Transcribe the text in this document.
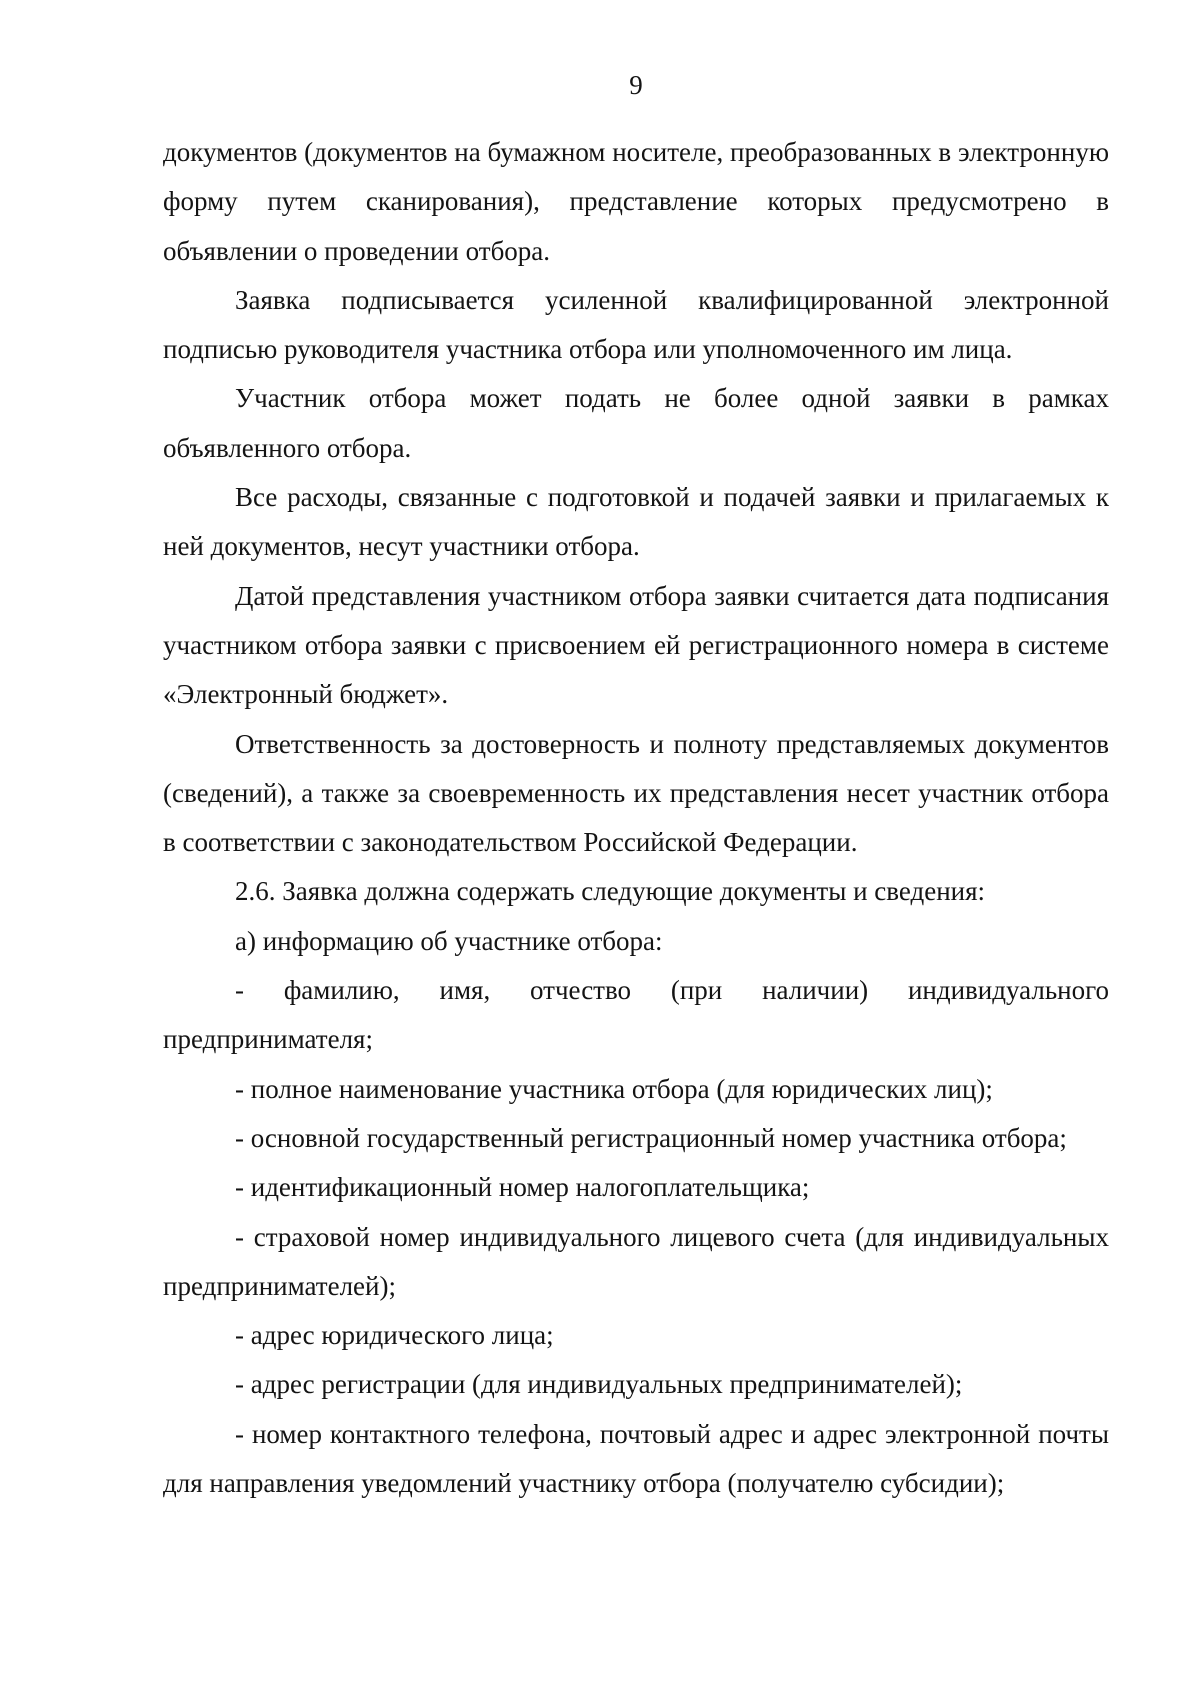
9

документов (документов на бумажном носителе, преобразованных в электронную форму путем сканирования), представление которых предусмотрено в объявлении о проведении отбора.

Заявка подписывается усиленной квалифицированной электронной подписью руководителя участника отбора или уполномоченного им лица.

Участник отбора может подать не более одной заявки в рамках объявленного отбора.

Все расходы, связанные с подготовкой и подачей заявки и прилагаемых к ней документов, несут участники отбора.

Датой представления участником отбора заявки считается дата подписания участником отбора заявки с присвоением ей регистрационного номера в системе «Электронный бюджет».

Ответственность за достоверность и полноту представляемых документов (сведений), а также за своевременность их представления несет участник отбора в соответствии с законодательством Российской Федерации.

2.6. Заявка должна содержать следующие документы и сведения:

а) информацию об участнике отбора:

- фамилию, имя, отчество (при наличии) индивидуального предпринимателя;

- полное наименование участника отбора (для юридических лиц);

- основной государственный регистрационный номер участника отбора;

- идентификационный номер налогоплательщика;

- страховой номер индивидуального лицевого счета (для индивидуальных предпринимателей);

- адрес юридического лица;

- адрес регистрации (для индивидуальных предпринимателей);

- номер контактного телефона, почтовый адрес и адрес электронной почты для направления уведомлений участнику отбора (получателю субсидии);
